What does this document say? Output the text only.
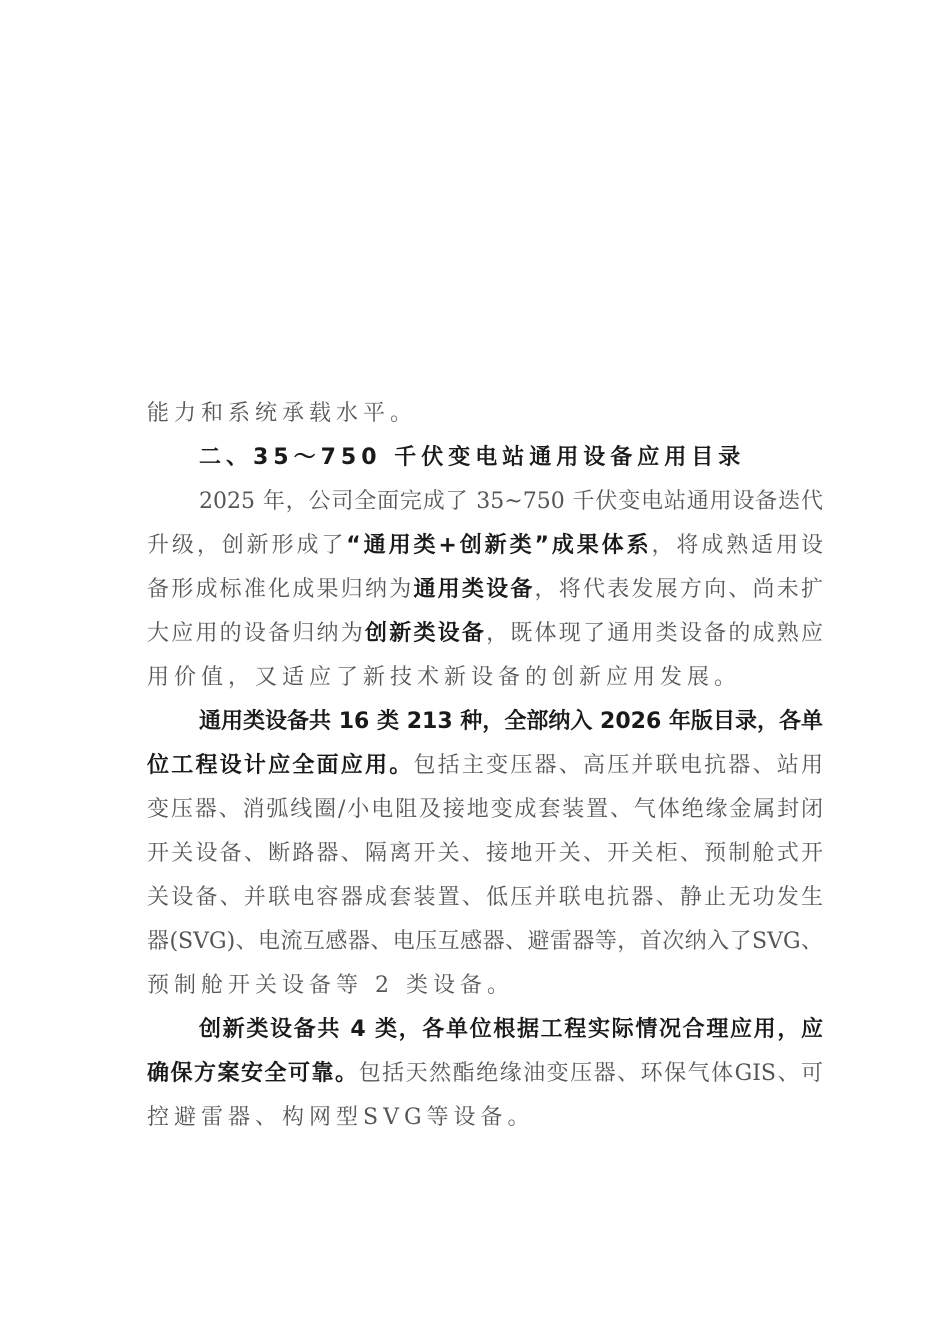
能力和系统承载水平。
二、35～750 千伏变电站通用设备应用目录
2025 年，公司全面完成了 35~750 千伏变电站通用设备迭代
升级，创新形成了“通用类+创新类”成果体系，将成熟适用设
备形成标准化成果归纳为通用类设备，将代表发展方向、尚未扩
大应用的设备归纳为创新类设备，既体现了通用类设备的成熟应
用价值，又适应了新技术新设备的创新应用发展。
通用类设备共 16 类 213 种，全部纳入 2026 年版目录，各单
位工程设计应全面应用。包括主变压器、高压并联电抗器、站用
变压器、消弧线圈/小电阻及接地变成套装置、气体绝缘金属封闭
开关设备、断路器、隔离开关、接地开关、开关柜、预制舱式开
关设备、并联电容器成套装置、低压并联电抗器、静止无功发生
器(SVG)、电流互感器、电压互感器、避雷器等，首次纳入了SVG、
预制舱开关设备等 2 类设备。
创新类设备共 4 类，各单位根据工程实际情况合理应用，应
确保方案安全可靠。包括天然酯绝缘油变压器、环保气体GIS、可
控避雷器、构网型SVG等设备。
